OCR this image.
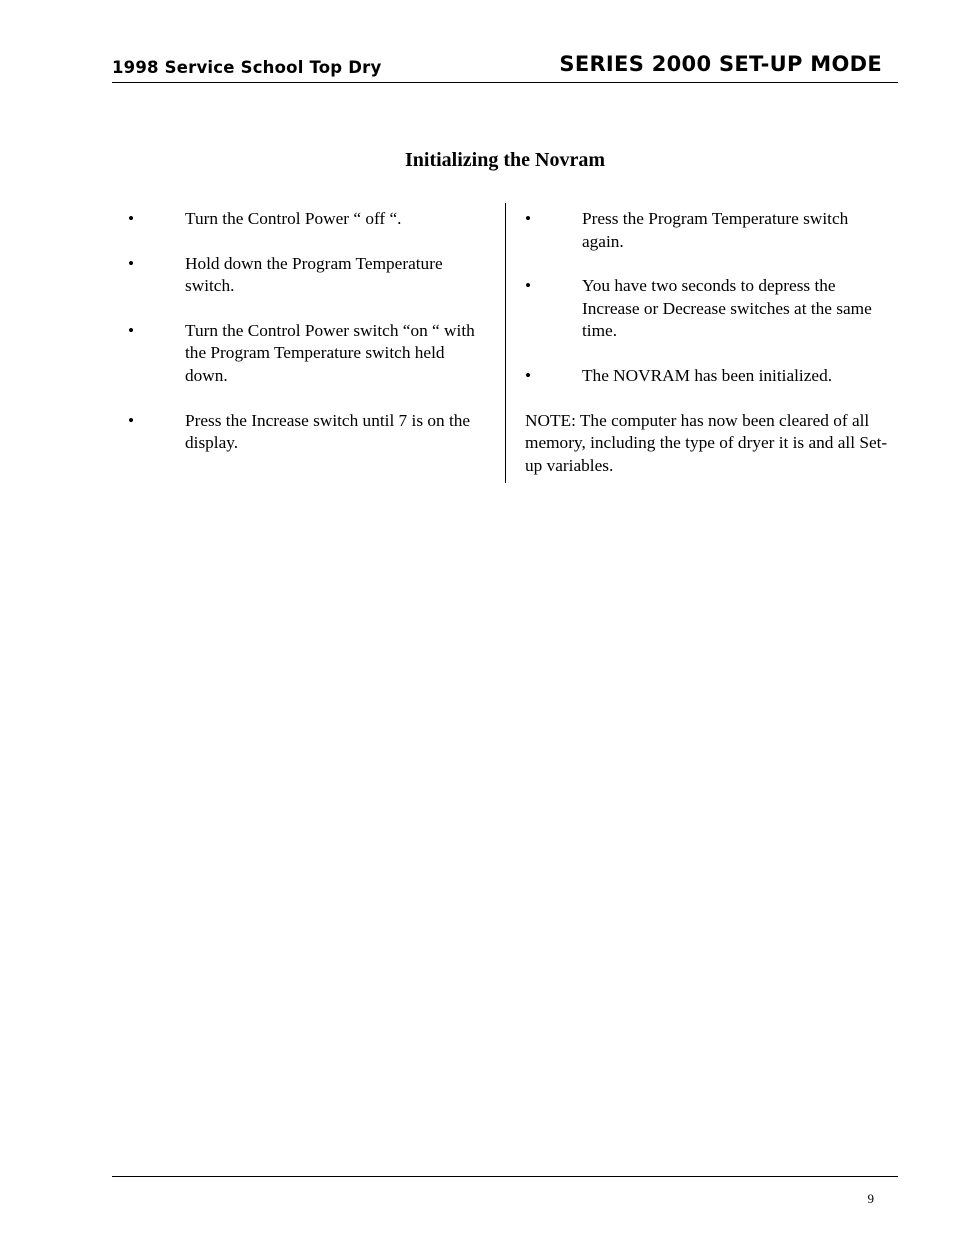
1998 Service School Top Dry	SERIES 2000 SET-UP MODE
Initializing the Novram
•	Turn the Control Power “ off “.
•	Hold down the Program Temperature switch.
•	Turn the Control Power switch “on “ with the Program Temperature switch held down.
•	Press the Increase switch until 7 is on the display.
•	Press the Program Temperature switch again.
•	You have two seconds to depress the Increase or Decrease switches at the same time.
•	The NOVRAM has been initialized.

NOTE: The computer has now been cleared of all memory, including the type of dryer it is and all Set-up variables.

9
